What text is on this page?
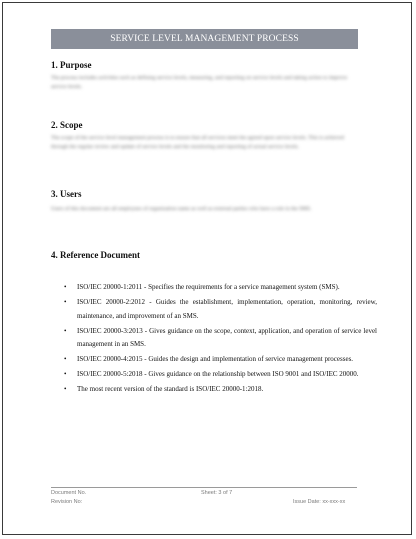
SERVICE LEVEL MANAGEMENT PROCESS
1. Purpose
The process includes activities such as defining service levels, measuring, and reporting on service levels and taking action to improve service levels.
2. Scope
The scope of the service level management process is to ensure that all services meet the agreed upon service levels. This is achieved through the regular review and update of service levels and the monitoring and reporting of actual service levels.
3. Users
Users of this document are all employees of organization name as well as external parties who have a role in the SMS.
4. Reference Document
• ISO/IEC 20000-1:2011 - Specifies the requirements for a service management system (SMS).
• ISO/IEC 20000-2:2012 - Guides the establishment, implementation, operation, monitoring, review, maintenance, and improvement of an SMS.
• ISO/IEC 20000-3:2013 - Gives guidance on the scope, context, application, and operation of service level management in an SMS.
• ISO/IEC 20000-4:2015 - Guides the design and implementation of service management processes.
• ISO/IEC 20000-5:2018 - Gives guidance on the relationship between ISO 9001 and ISO/IEC 20000.
• The most recent version of the standard is ISO/IEC 20000-1:2018.
Document No.
Revision No:
Sheet: 3 of 7
Issue Date: xx-xxx-xx
